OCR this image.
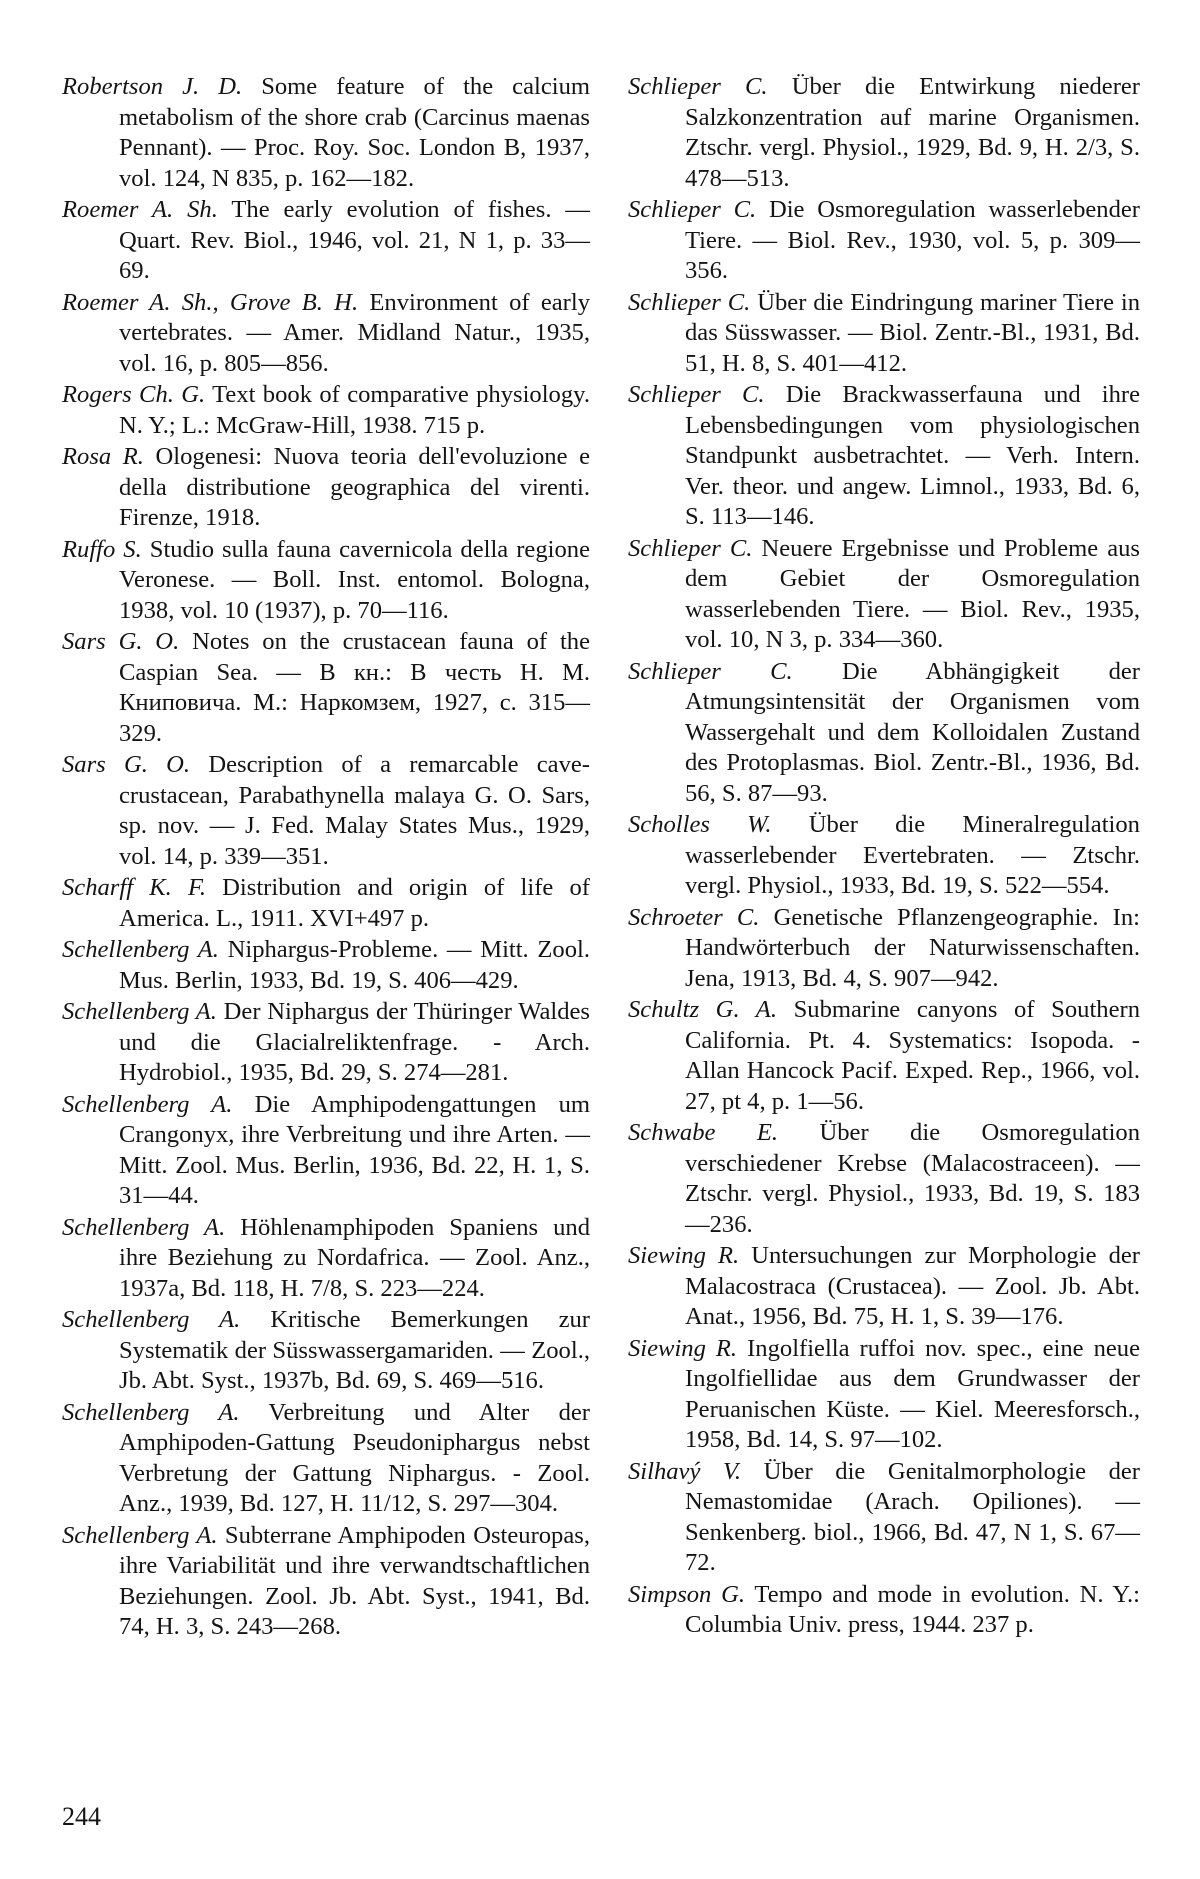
Robertson J. D. Some feature of the calcium metabolism of the shore crab (Carcinus maenas Pennant). — Proc. Roy. Soc. London B, 1937, vol. 124, N 835, p. 162—182.

Roemer A. Sh. The early evolution of fishes. — Quart. Rev. Biol., 1946, vol. 21, N 1, p. 33—69.

Roemer A. Sh., Grove B. H. Environment of early vertebrates. — Amer. Midland Natur., 1935, vol. 16, p. 805—856.

Rogers Ch. G. Text book of comparative physiology. N. Y.; L.: McGraw-Hill, 1938. 715 p.

Rosa R. Ologenesi: Nuova teoria dell'evoluzione e della distributione geographica del virenti. Firenze, 1918.

Ruffo S. Studio sulla fauna cavernicola della regione Veronese. — Boll. Inst. entomol. Bologna, 1938, vol. 10 (1937), p. 70—116.

Sars G. O. Notes on the crustacean fauna of the Caspian Sea. — В кн.: В честь Н. М. Книповича. М.: Наркомзем, 1927, с. 315—329.

Sars G. O. Description of a remarcable cave-crustacean, Parabathynella malaya G. O. Sars, sp. nov. — J. Fed. Malay States Mus., 1929, vol. 14, p. 339—351.

Scharff K. F. Distribution and origin of life of America. L., 1911. XVI+497 p.

Schellenberg A. Niphargus-Probleme. — Mitt. Zool. Mus. Berlin, 1933, Bd. 19, S. 406—429.

Schellenberg A. Der Niphargus der Thüringer Waldes und die Glacialreliktenfrage. - Arch. Hydrobiol., 1935, Bd. 29, S. 274—281.

Schellenberg A. Die Amphipodengattungen um Crangonyx, ihre Verbreitung und ihre Arten. — Mitt. Zool. Mus. Berlin, 1936, Bd. 22, H. 1, S. 31—44.

Schellenberg A. Höhlenamphipoden Spaniens und ihre Beziehung zu Nordafrica. — Zool. Anz., 1937a, Bd. 118, H. 7/8, S. 223—224.

Schellenberg A. Kritische Bemerkungen zur Systematik der Süsswassergamariden. — Zool., Jb. Abt. Syst., 1937b, Bd. 69, S. 469—516.

Schellenberg A. Verbreitung und Alter der Amphipoden-Gattung Pseudoniphargus nebst Verbretung der Gattung Niphargus. - Zool. Anz., 1939, Bd. 127, H. 11/12, S. 297—304.

Schellenberg A. Subterrane Amphipoden Osteuropas, ihre Variabilität und ihre verwandtschaftlichen Beziehungen. Zool. Jb. Abt. Syst., 1941, Bd. 74, H. 3, S. 243—268.

Schlieper C. Über die Entwirkung niederer Salzkonzentration auf marine Organismen. Ztschr. vergl. Physiol., 1929, Bd. 9, H. 2/3, S. 478—513.

Schlieper C. Die Osmoregulation wasserlebender Tiere. — Biol. Rev., 1930, vol. 5, p. 309—356.

Schlieper C. Über die Eindringung mariner Tiere in das Süsswasser. — Biol. Zentr.-Bl., 1931, Bd. 51, H. 8, S. 401—412.

Schlieper C. Die Brackwasserfauna und ihre Lebensbedingungen vom physiologischen Standpunkt ausbetrachtet. — Verh. Intern. Ver. theor. und angew. Limnol., 1933, Bd. 6, S. 113—146.

Schlieper C. Neuere Ergebnisse und Probleme aus dem Gebiet der Osmoregulation wasserlebenden Tiere. — Biol. Rev., 1935, vol. 10, N 3, p. 334—360.

Schlieper C. Die Abhängigkeit der Atmungsintensität der Organismen vom Wassergehalt und dem Kolloidalen Zustand des Protoplasmas. Biol. Zentr.-Bl., 1936, Bd. 56, S. 87—93.

Scholles W. Über die Mineralregulation wasserlebender Evertebraten. — Ztschr. vergl. Physiol., 1933, Bd. 19, S. 522—554.

Schroeter C. Genetische Pflanzengeographie. In: Handwörterbuch der Naturwissenschaften. Jena, 1913, Bd. 4, S. 907—942.

Schultz G. A. Submarine canyons of Southern California. Pt. 4. Systematics: Isopoda. - Allan Hancock Pacif. Exped. Rep., 1966, vol. 27, pt 4, p. 1—56.

Schwabe E. Über die Osmoregulation verschiedener Krebse (Malacostraceen). — Ztschr. vergl. Physiol., 1933, Bd. 19, S. 183—236.

Siewing R. Untersuchungen zur Morphologie der Malacostraca (Crustacea). — Zool. Jb. Abt. Anat., 1956, Bd. 75, H. 1, S. 39—176.

Siewing R. Ingolfiella ruffoi nov. spec., eine neue Ingolfiellidae aus dem Grundwasser der Peruanischen Küste. — Kiel. Meeresforsch., 1958, Bd. 14, S. 97—102.

Silhavý V. Über die Genitalmorphologie der Nemastomidae (Arach. Opiliones). — Senkenberg. biol., 1966, Bd. 47, N 1, S. 67—72.

Simpson G. Tempo and mode in evolution. N. Y.: Columbia Univ. press, 1944. 237 p.

244
